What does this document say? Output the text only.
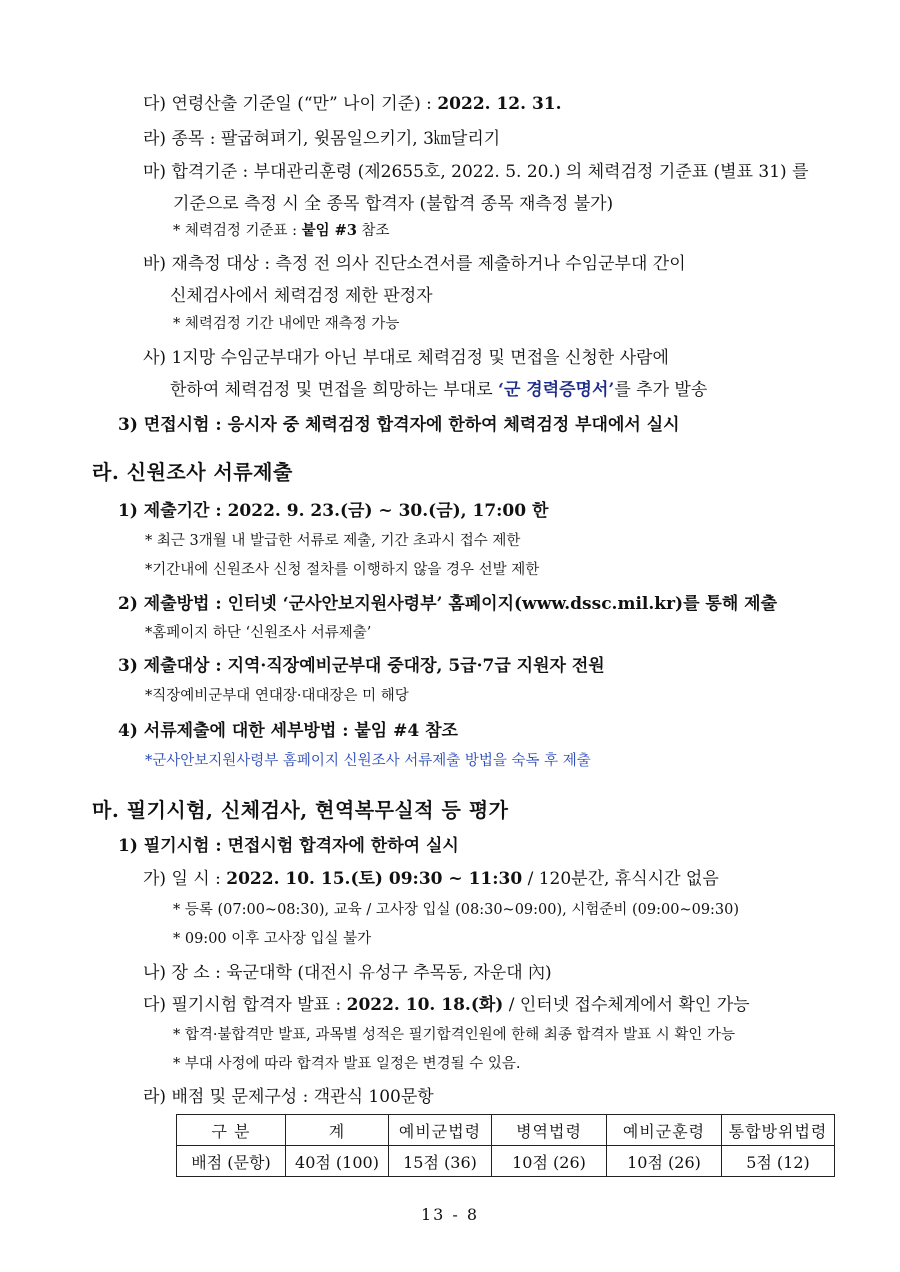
다) 연령산출 기준일 (“만” 나이 기준) : 2022. 12. 31.
라) 종목 : 팔굽혀펴기, 윗몸일으키기, 3㎞달리기
마) 합격기준 : 부대관리훈령 (제2655호, 2022. 5. 20.) 의 체력검정 기준표 (별표 31) 를
기준으로 측정 시 全 종목 합격자 (불합격 종목 재측정 불가)
* 체력검정 기준표 : 붙임 #3 참조
바) 재측정 대상 : 측정 전 의사 진단소견서를 제출하거나 수임군부대 간이
신체검사에서 체력검정 제한 판정자
* 체력검정 기간 내에만 재측정 가능
사) 1지망 수임군부대가 아닌 부대로 체력검정 및 면접을 신청한 사람에
한하여 체력검정 및 면접을 희망하는 부대로 ‘군 경력증명서’를 추가 발송
3) 면접시험 : 응시자 중 체력검정 합격자에 한하여 체력검정 부대에서 실시
라. 신원조사 서류제출
1) 제출기간 : 2022. 9. 23.(금) ~ 30.(금), 17:00 한
* 최근 3개월 내 발급한 서류로 제출, 기간 초과시 접수 제한
*기간내에 신원조사 신청 절차를 이행하지 않을 경우 선발 제한
2) 제출방법 : 인터넷 ‘군사안보지원사령부’ 홈페이지(www.dssc.mil.kr)를 통해 제출
*홈페이지 하단 ‘신원조사 서류제출’
3) 제출대상 : 지역·직장예비군부대 중대장, 5급·7급 지원자 전원
*직장예비군부대 연대장·대대장은 미 해당
4) 서류제출에 대한 세부방법 : 붙임 #4 참조
*군사안보지원사령부 홈페이지 신원조사 서류제출 방법을 숙독 후 제출
마. 필기시험, 신체검사, 현역복무실적 등 평가
1) 필기시험 : 면접시험 합격자에 한하여 실시
가) 일 시 : 2022. 10. 15.(토) 09:30 ~ 11:30 / 120분간, 휴식시간 없음
* 등록 (07:00~08:30), 교육 / 고사장 입실 (08:30~09:00), 시험준비 (09:00~09:30)
* 09:00 이후 고사장 입실 불가
나) 장 소 : 육군대학 (대전시 유성구 추목동, 자운대 內)
다) 필기시험 합격자 발표 : 2022. 10. 18.(화) / 인터넷 접수체계에서 확인 가능
* 합격·불합격만 발표, 과목별 성적은 필기합격인원에 한해 최종 합격자 발표 시 확인 가능
* 부대 사정에 따라 합격자 발표 일정은 변경될 수 있음.
라) 배점 및 문제구성 : 객관식 100문항
구 분	계	예비군법령	병역법령	예비군훈령	통합방위법령
배점 (문항)	40점 (100)	15점 (36)	10점 (26)	10점 (26)	5점 (12)
13 - 8
